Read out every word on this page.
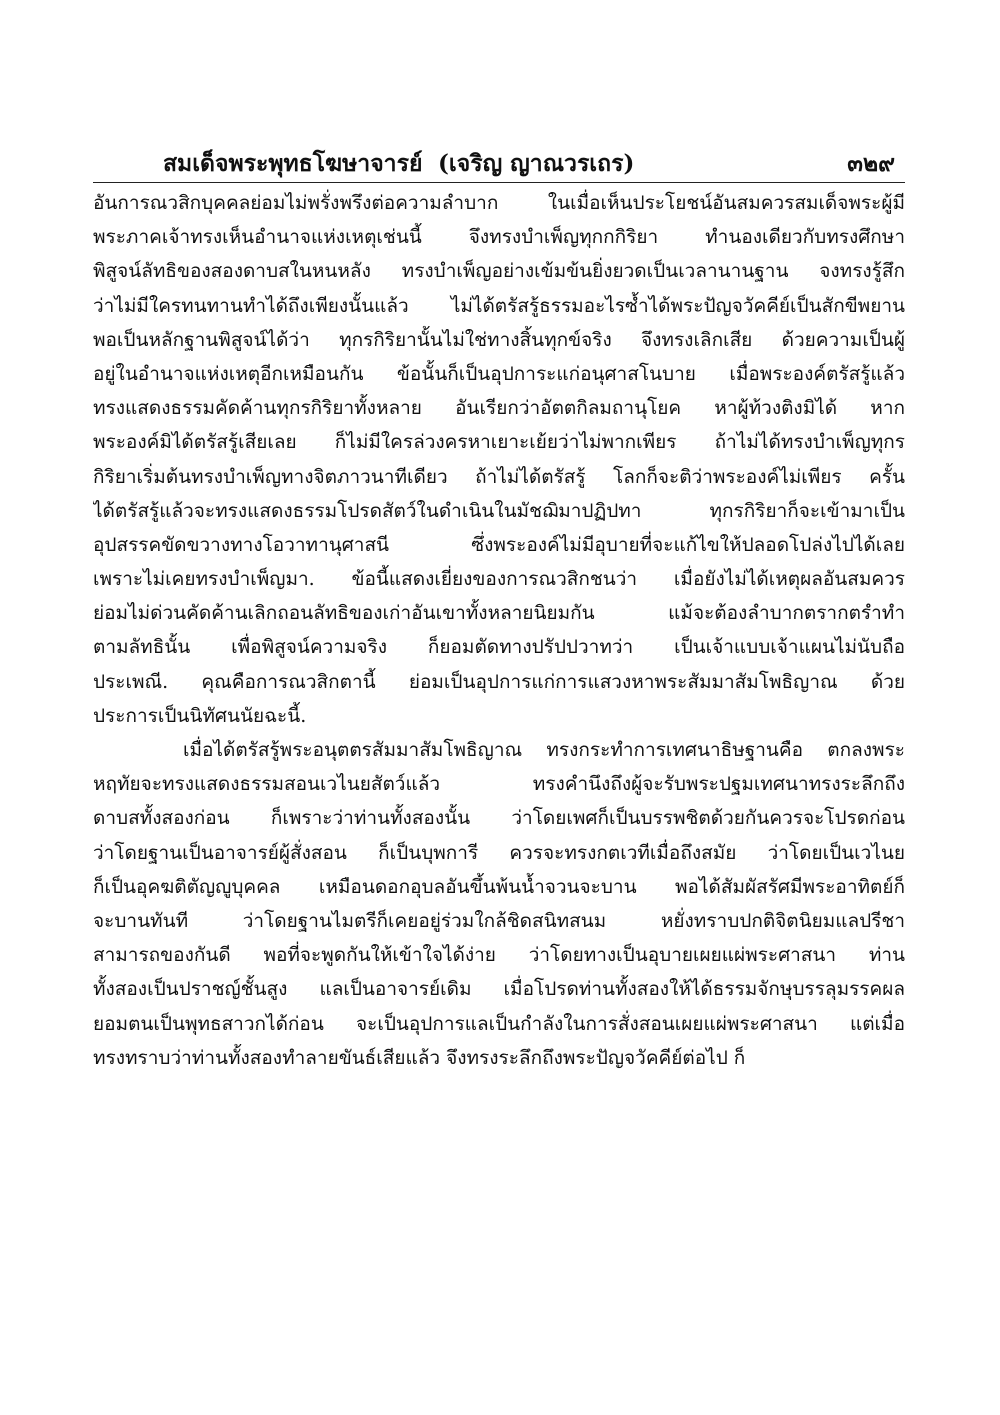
สมเด็จพระพุทธโฆษาจารย์ (เจริญ ญาณวรเถร)	๓๒๙
อันการณวสิกบุคคลย่อมไม่พรั่งพรึงต่อความลำบาก ในเมื่อเห็นประโยชน์อันสมควรสมเด็จพระผู้มี
พระภาคเจ้าทรงเห็นอำนาจแห่งเหตุเช่นนี้ จึงทรงบำเพ็ญทุกกกิริยา ทำนองเดียวกับทรงศึกษา
พิสูจน์ลัทธิของสองดาบสในหนหลัง ทรงบำเพ็ญอย่างเข้มข้นยิ่งยวดเป็นเวลานานฐาน จงทรงรู้สึก
ว่าไม่มีใครทนทานทำได้ถึงเพียงนั้นแล้ว ไม่ได้ตรัสรู้ธรรมอะไรซ้ำได้พระปัญจวัคคีย์เป็นสักขีพยาน
พอเป็นหลักฐานพิสูจน์ได้ว่า ทุกรกิริยานั้นไม่ใช่ทางสิ้นทุกข์จริง จึงทรงเลิกเสีย ด้วยความเป็นผู้
อยู่ในอำนาจแห่งเหตุอีกเหมือนกัน ข้อนั้นก็เป็นอุปการะแก่อนุศาสโนบาย เมื่อพระองค์ตรัสรู้แล้ว
ทรงแสดงธรรมคัดค้านทุกรกิริยาทั้งหลาย อันเรียกว่าอัตตกิลมถานุโยค หาผู้ท้วงติงมิได้ หาก
พระองค์มิได้ตรัสรู้เสียเลย ก็ไม่มีใครล่วงครหาเยาะเย้ยว่าไม่พากเพียร ถ้าไม่ได้ทรงบำเพ็ญทุกร
กิริยาเริ่มต้นทรงบำเพ็ญทางจิตภาวนาทีเดียว ถ้าไม่ได้ตรัสรู้ โลกก็จะติว่าพระองค์ไม่เพียร ครั้น
ได้ตรัสรู้แล้วจะทรงแสดงธรรมโปรดสัตว์ในดำเนินในมัชฌิมาปฏิปทา ทุกรกิริยาก็จะเข้ามาเป็น
อุปสรรคขัดขวางทางโอวาทานุศาสนี ซึ่งพระองค์ไม่มีอุบายที่จะแก้ไขให้ปลอดโปล่งไปได้เลย
เพราะไม่เคยทรงบำเพ็ญมา. ข้อนี้แสดงเยี่ยงของการณวสิกชนว่า เมื่อยังไม่ได้เหตุผลอันสมควร
ย่อมไม่ด่วนคัดค้านเลิกถอนลัทธิของเก่าอันเขาทั้งหลายนิยมกัน แม้จะต้องลำบากตรากตรำทำ
ตามลัทธินั้น เพื่อพิสูจน์ความจริง ก็ยอมตัดทางปรัปปวาทว่า เป็นเจ้าแบบเจ้าแผนไม่นับถือ
ประเพณี. คุณคือการณวสิกตานี้ ย่อมเป็นอุปการแก่การแสวงหาพระสัมมาสัมโพธิญาณ ด้วย
ประการเป็นนิทัศนนัยฉะนี้.
เมื่อได้ตรัสรู้พระอนุตตรสัมมาสัมโพธิญาณ ทรงกระทำการเทศนาธิษฐานคือ ตกลงพระ
หฤทัยจะทรงแสดงธรรมสอนเวไนยสัตว์แล้ว ทรงคำนึงถึงผู้จะรับพระปฐมเทศนาทรงระลึกถึง
ดาบสทั้งสองก่อน ก็เพราะว่าท่านทั้งสองนั้น ว่าโดยเพศก็เป็นบรรพชิตด้วยกันควรจะโปรดก่อน
ว่าโดยฐานเป็นอาจารย์ผู้สั่งสอน ก็เป็นบุพการี ควรจะทรงกตเวทีเมื่อถึงสมัย ว่าโดยเป็นเวไนย
ก็เป็นอุคฆติตัญญูบุคคล เหมือนดอกอุบลอันขึ้นพ้นน้ำจวนจะบาน พอได้สัมผัสรัศมีพระอาทิตย์ก็
จะบานทันที ว่าโดยฐานไมตรีก็เคยอยู่ร่วมใกล้ชิดสนิทสนม หยั่งทราบปกติจิตนิยมแลปรีชา
สามารถของกันดี พอที่จะพูดกันให้เข้าใจได้ง่าย ว่าโดยทางเป็นอุบายเผยแผ่พระศาสนา ท่าน
ทั้งสองเป็นปราชญ์ชั้นสูง แลเป็นอาจารย์เดิม เมื่อโปรดท่านทั้งสองให้ได้ธรรมจักษุบรรลุมรรคผล
ยอมตนเป็นพุทธสาวกได้ก่อน จะเป็นอุปการแลเป็นกำลังในการสั่งสอนเผยแผ่พระศาสนา แต่เมื่อ
ทรงทราบว่าท่านทั้งสองทำลายขันธ์เสียแล้ว จึงทรงระลึกถึงพระปัญจวัคคีย์ต่อไป ก็
